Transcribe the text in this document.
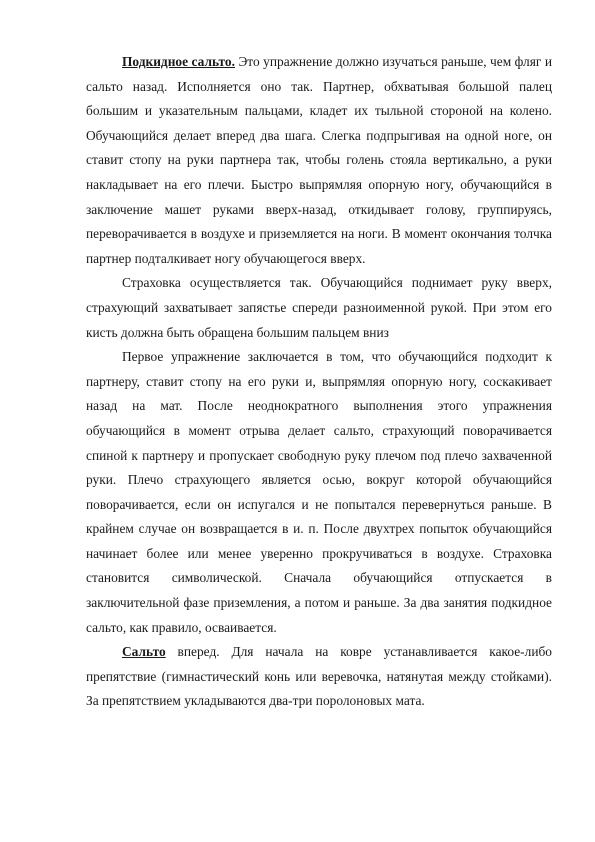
Подкидное сальто. Это упражнение должно изучаться раньше, чем фляг и сальто назад. Исполняется оно так. Партнер, обхватывая большой палец большим и указательным пальцами, кладет их тыльной стороной на колено. Обучающийся делает вперед два шага. Слегка подпрыгивая на одной ноге, он ставит стопу на руки партнера так, чтобы голень стояла вертикально, а руки накладывает на его плечи. Быстро выпрямляя опорную ногу, обучающийся в заключение машет руками вверх-назад, откидывает голову, группируясь, переворачивается в воздухе и приземляется на ноги. В момент окончания толчка партнер подталкивает ногу обучающегося вверх.

Страховка осуществляется так. Обучающийся поднимает руку вверх, страхующий захватывает запястье спереди разноименной рукой. При этом его кисть должна быть обращена большим пальцем вниз

Первое упражнение заключается в том, что обучающийся подходит к партнеру, ставит стопу на его руки и, выпрямляя опорную ногу, соскакивает назад на мат. После неоднократного выполнения этого упражнения обучающийся в момент отрыва делает сальто, страхующий поворачивается спиной к партнеру и пропускает свободную руку плечом под плечо захваченной руки. Плечо страхующего является осью, вокруг которой обучающийся поворачивается, если он испугался и не попытался перевернуться раньше. В крайнем случае он возвращается в и. п. После двухтрех попыток обучающийся начинает более или менее уверенно прокручиваться в воздухе. Страховка становится символической. Сначала обучающийся отпускается в заключительной фазе приземления, а потом и раньше. За два занятия подкидное сальто, как правило, осваивается.

Сальто вперед. Для начала на ковре устанавливается какое-либо препятствие (гимнастический конь или веревочка, натянутая между стойками). За препятствием укладываются два-три поролоновых мата.
